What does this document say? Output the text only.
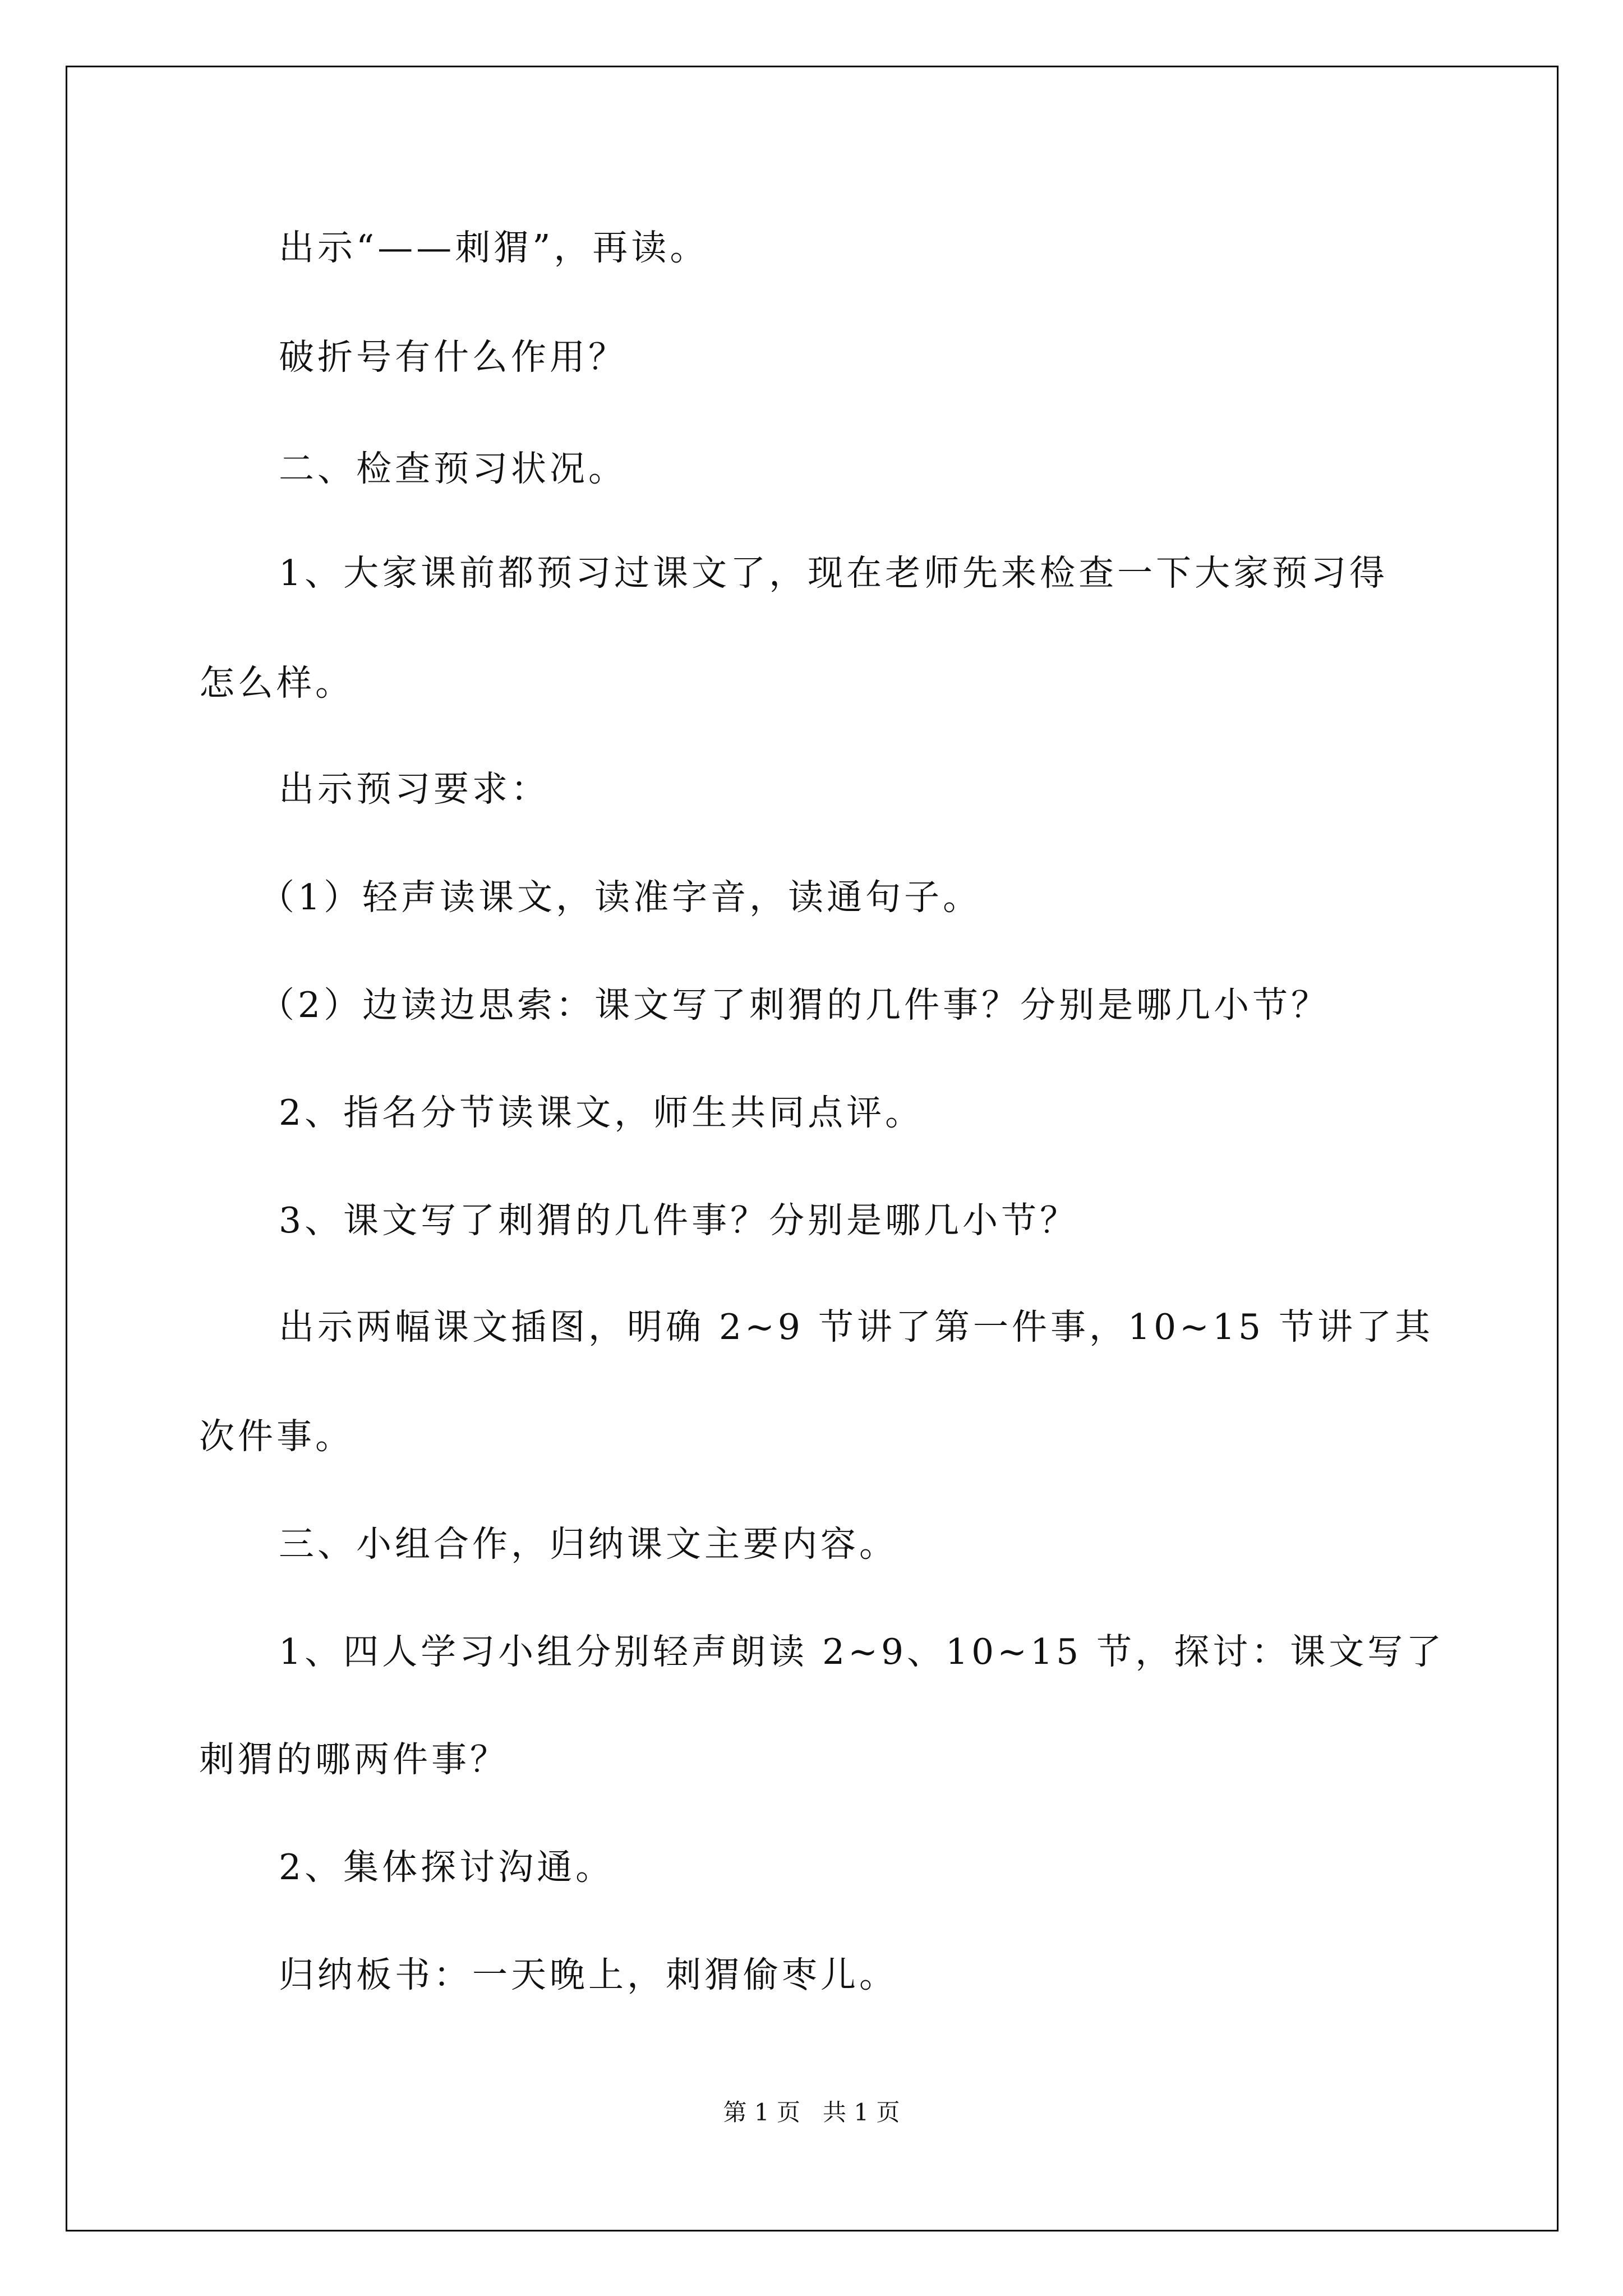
出示“——刺猬”，再读。
破折号有什么作用？
二、检查预习状况。
1、大家课前都预习过课文了，现在老师先来检查一下大家预习得
怎么样。
出示预习要求：
（1）轻声读课文，读准字音，读通句子。
（2）边读边思索：课文写了刺猬的几件事？分别是哪几小节？
2、指名分节读课文，师生共同点评。
3、课文写了刺猬的几件事？分别是哪几小节？
出示两幅课文插图，明确 2~9 节讲了第一件事，10~15 节讲了其
次件事。
三、小组合作，归纳课文主要内容。
1、四人学习小组分别轻声朗读 2~9、10~15 节，探讨：课文写了
刺猬的哪两件事？
2、集体探讨沟通。
归纳板书：一天晚上，刺猬偷枣儿。
第 1 页   共 1 页
